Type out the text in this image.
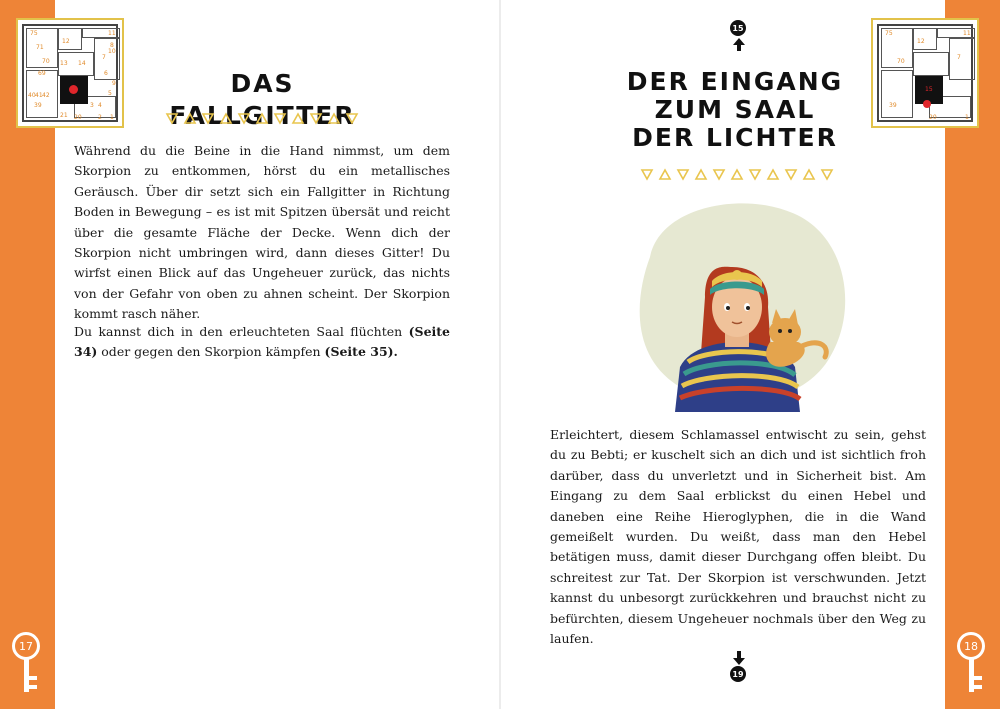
17	18
75
71
12
11
70 13 14
7
69	6
40 41 42
39
21 20
3 4
5
1
2
8
9
10
15
75
12
11
70
7
39
20	1
DAS FALLGITTER

Während du die Beine in die Hand nimmst, um dem Skorpion zu entkommen, hörst du ein metallisches Geräusch. Über dir setzt sich ein Fallgitter in Richtung Boden in Bewegung – es ist mit Spitzen übersät und reicht über die gesamte Fläche der Decke. Wenn dich der Skorpion nicht umbringen wird, dann dieses Gitter! Du wirfst einen Blick auf das Ungeheuer zurück, das nichts von der Gefahr von oben zu ahnen scheint. Der Skorpion kommt rasch näher.

Du kannst dich in den erleuchteten Saal flüchten (Seite 34) oder gegen den Skorpion kämpfen (Seite 35).

15
DER EINGANG
ZUM SAAL
DER LICHTER

Erleichtert, diesem Schlamassel entwischt zu sein, gehst du zu Bebti; er kuschelt sich an dich und ist sichtlich froh darüber, dass du unverletzt und in Sicherheit bist. Am Eingang zu dem Saal erblickst du einen Hebel und daneben eine Reihe Hieroglyphen, die in die Wand gemeißelt wurden. Du weißt, dass man den Hebel betätigen muss, damit dieser Durchgang offen bleibt. Du schreitest zur Tat. Der Skorpion ist verschwunden. Jetzt kannst du unbesorgt zurückkehren und brauchst nicht zu befürchten, diesem Ungeheuer nochmals über den Weg zu laufen.

19
